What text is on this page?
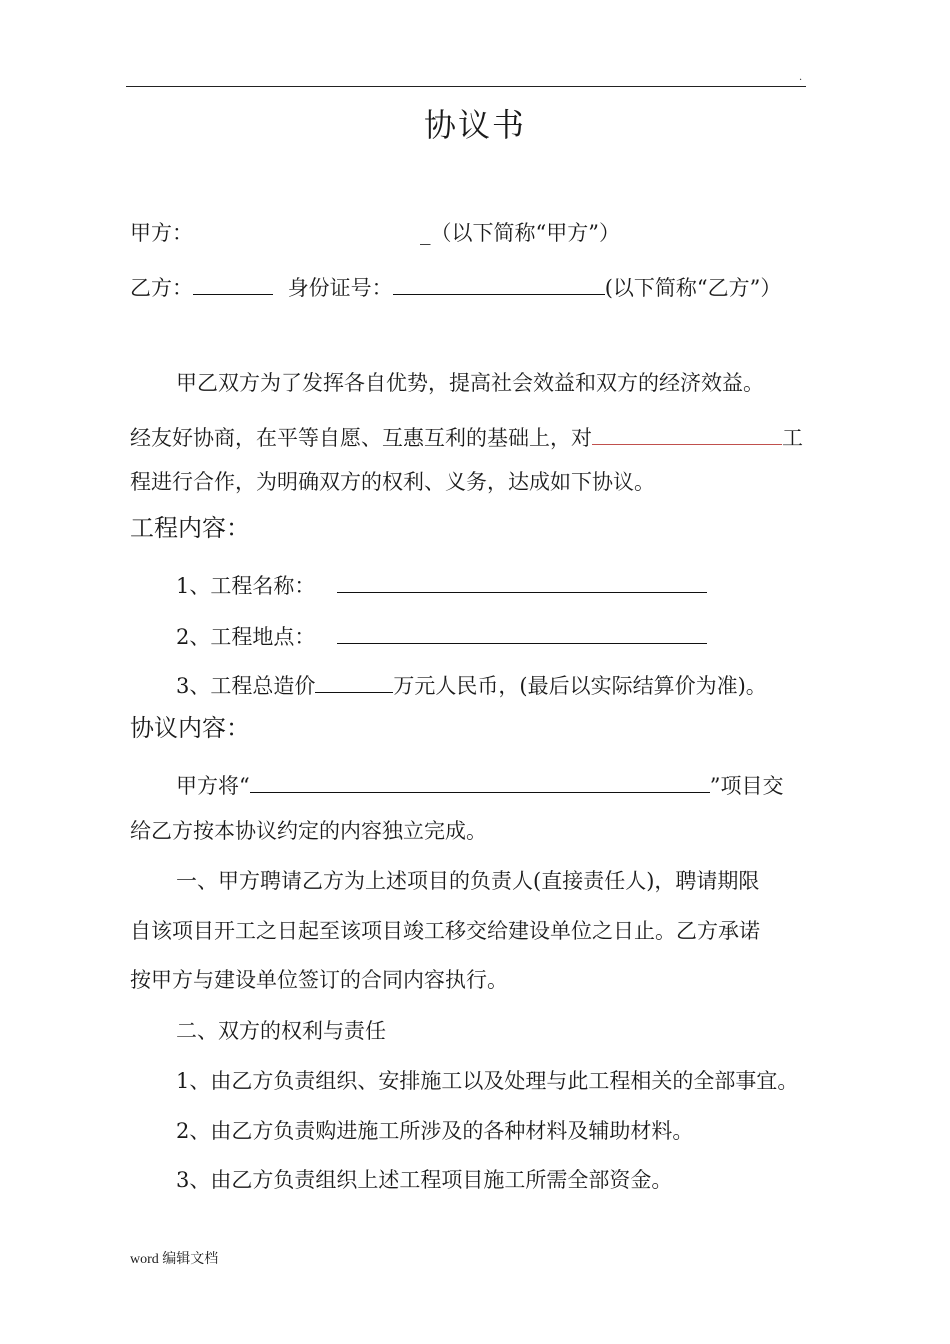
.
协议书
甲方：	_（以下简称“甲方”）
乙方：	身份证号：	(以下简称“乙方”）
甲乙双方为了发挥各自优势，提高社会效益和双方的经济效益。
经友好协商，在平等自愿、互惠互利的基础上，对	工
程进行合作，为明确双方的权利、义务，达成如下协议。
工程内容：
1、工程名称：
2、工程地点：
3、工程总造价	万元人民币，(最后以实际结算价为准)。
协议内容：
甲方将“	”项目交
给乙方按本协议约定的内容独立完成。
一、甲方聘请乙方为上述项目的负责人(直接责任人)，聘请期限
自该项目开工之日起至该项目竣工移交给建设单位之日止。乙方承诺
按甲方与建设单位签订的合同内容执行。
二、双方的权利与责任
1、由乙方负责组织、安排施工以及处理与此工程相关的全部事宜。
2、由乙方负责购进施工所涉及的各种材料及辅助材料。
3、由乙方负责组织上述工程项目施工所需全部资金。
word 编辑文档
